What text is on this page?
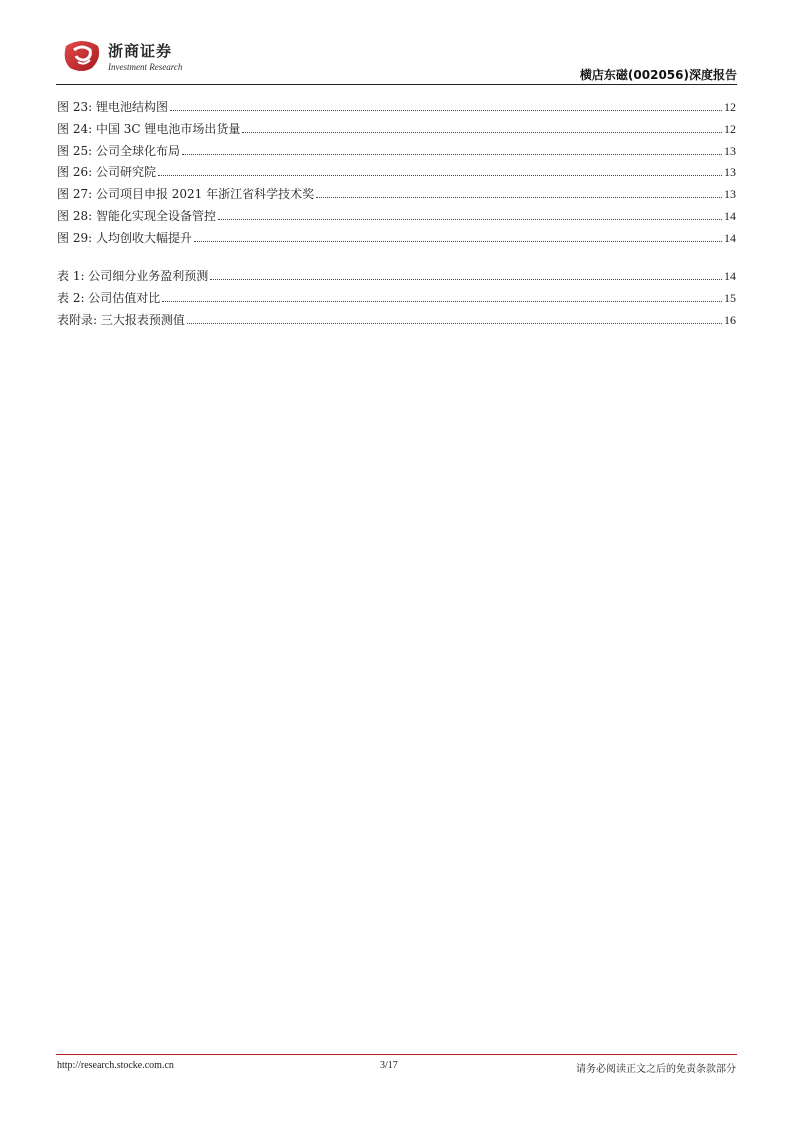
浙商证券
Investment Research
横店东磁(002056)深度报告
图 23: 锂电池结构图	12
图 24: 中国 3C 锂电池市场出货量	12
图 25: 公司全球化布局	13
图 26: 公司研究院	13
图 27: 公司项目申报 2021 年浙江省科学技术奖	13
图 28: 智能化实现全设备管控	14
图 29: 人均创收大幅提升	14
表 1: 公司细分业务盈利预测	14
表 2: 公司估值对比	15
表附录: 三大报表预测值	16
http://research.stocke.com.cn	3/17	请务必阅读正文之后的免责条款部分
